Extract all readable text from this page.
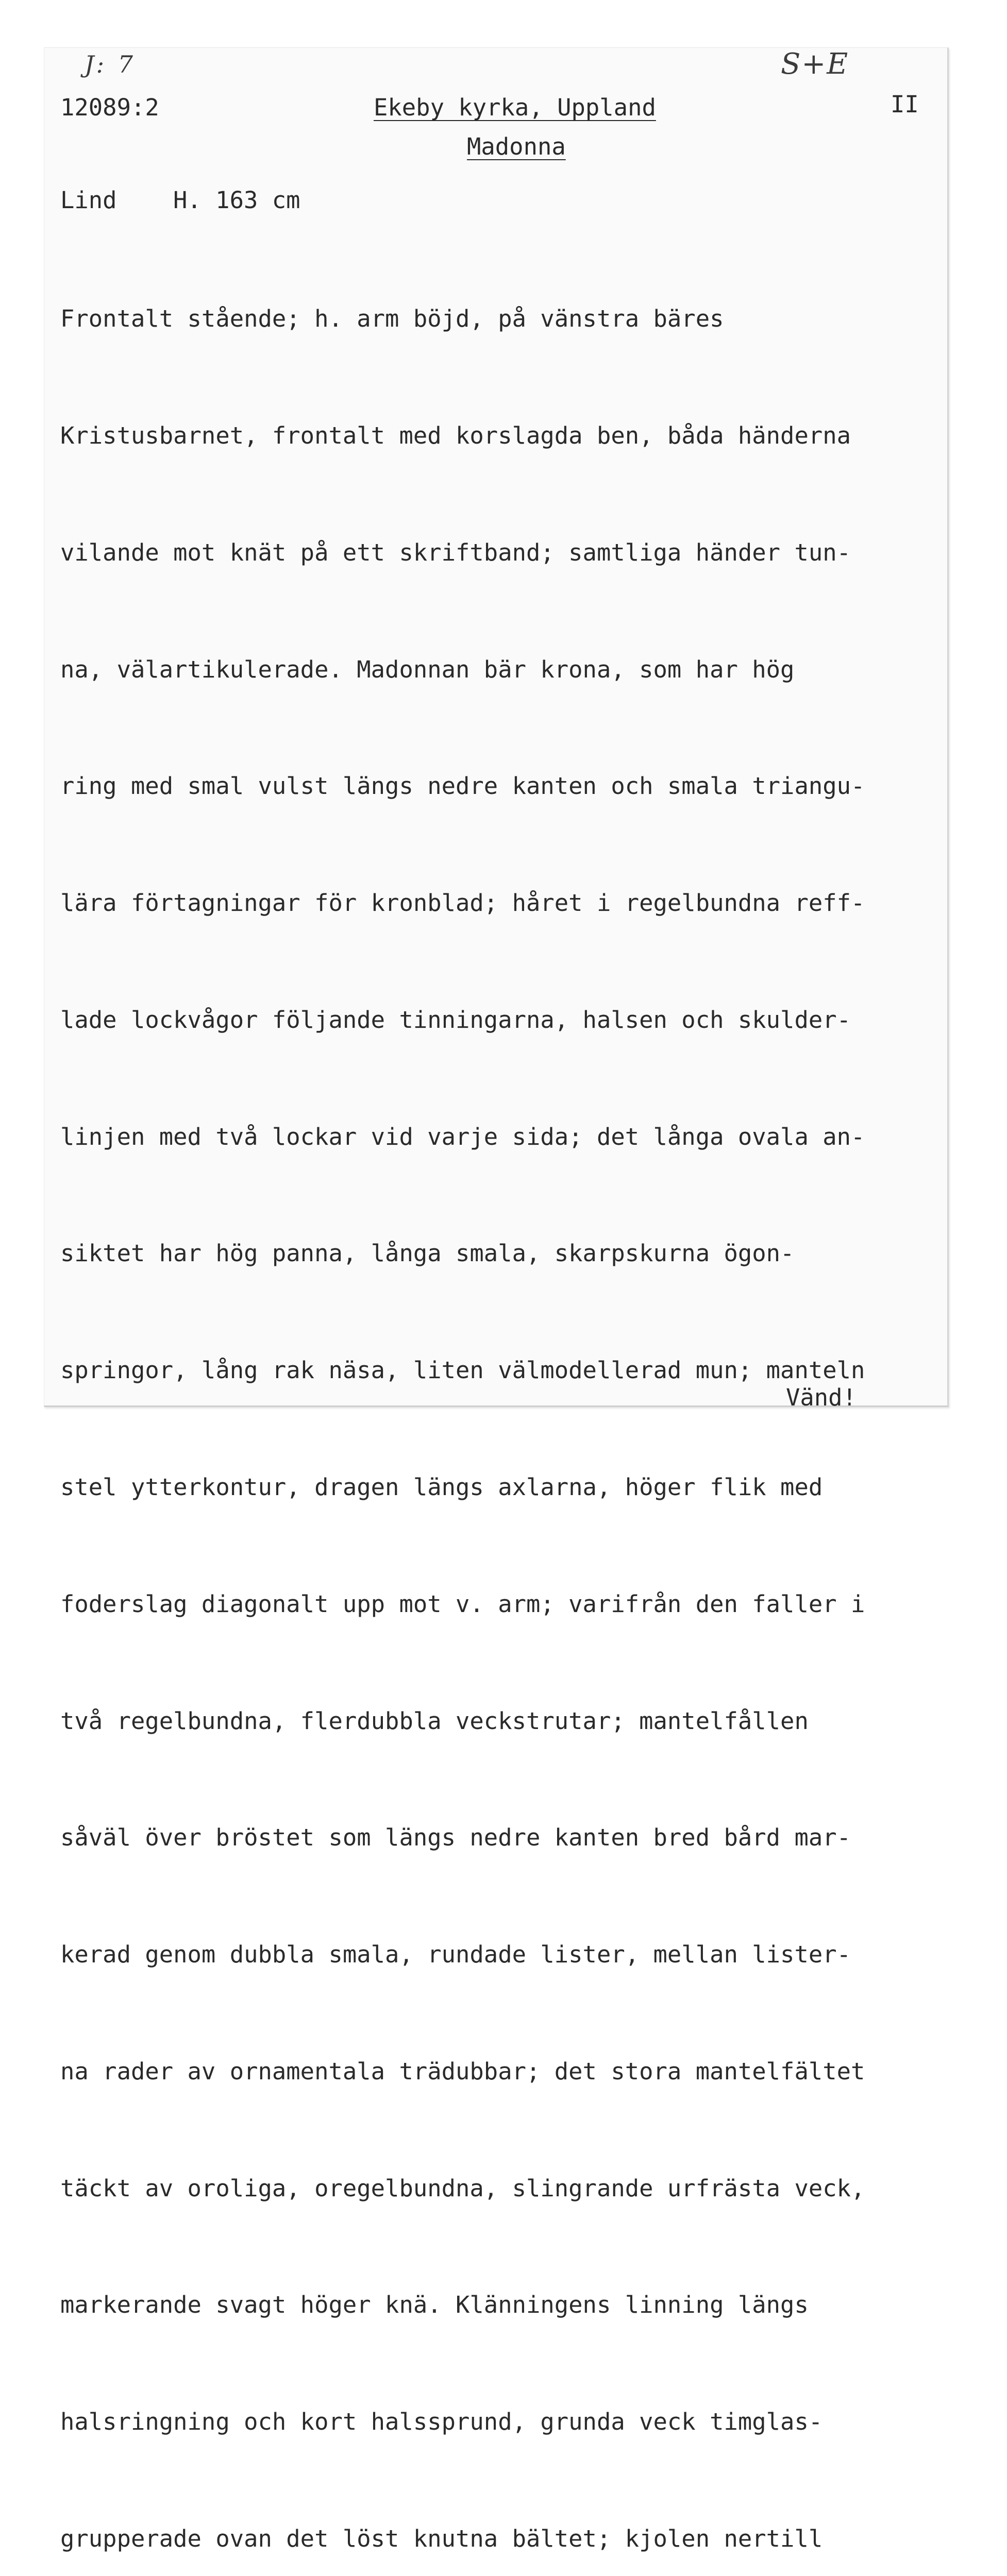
J: 7	S+E
12089:2	Ekeby kyrka, Uppland	II
Madonna
Lind H. 163 cm

Frontalt stående; h. arm böjd, på vänstra bäres

Kristusbarnet, frontalt med korslagda ben, båda händerna

vilande mot knät på ett skriftband; samtliga händer tun-

na, välartikulerade. Madonnan bär krona, som har hög

ring med smal vulst längs nedre kanten och smala triangu-

lära förtagningar för kronblad; håret i regelbundna reff-

lade lockvågor följande tinningarna, halsen och skulder-

linjen med två lockar vid varje sida; det långa ovala an-

siktet har hög panna, långa smala, skarpskurna ögon-

springor, lång rak näsa, liten välmodellerad mun; manteln

stel ytterkontur, dragen längs axlarna, höger flik med

foderslag diagonalt upp mot v. arm; varifrån den faller i

två regelbundna, flerdubbla veckstrutar; mantelfållen

såväl över bröstet som längs nedre kanten bred bård mar-

kerad genom dubbla smala, rundade lister, mellan lister-

na rader av ornamentala trädubbar; det stora mantelfältet

täckt av oroliga, oregelbundna, slingrande urfrästa veck,

markerande svagt höger knä. Klänningens linning längs

halsringning och kort halssprund, grunda veck timglas-

grupperade ovan det löst knutna bältet; kjolen nertill

Vänd!
